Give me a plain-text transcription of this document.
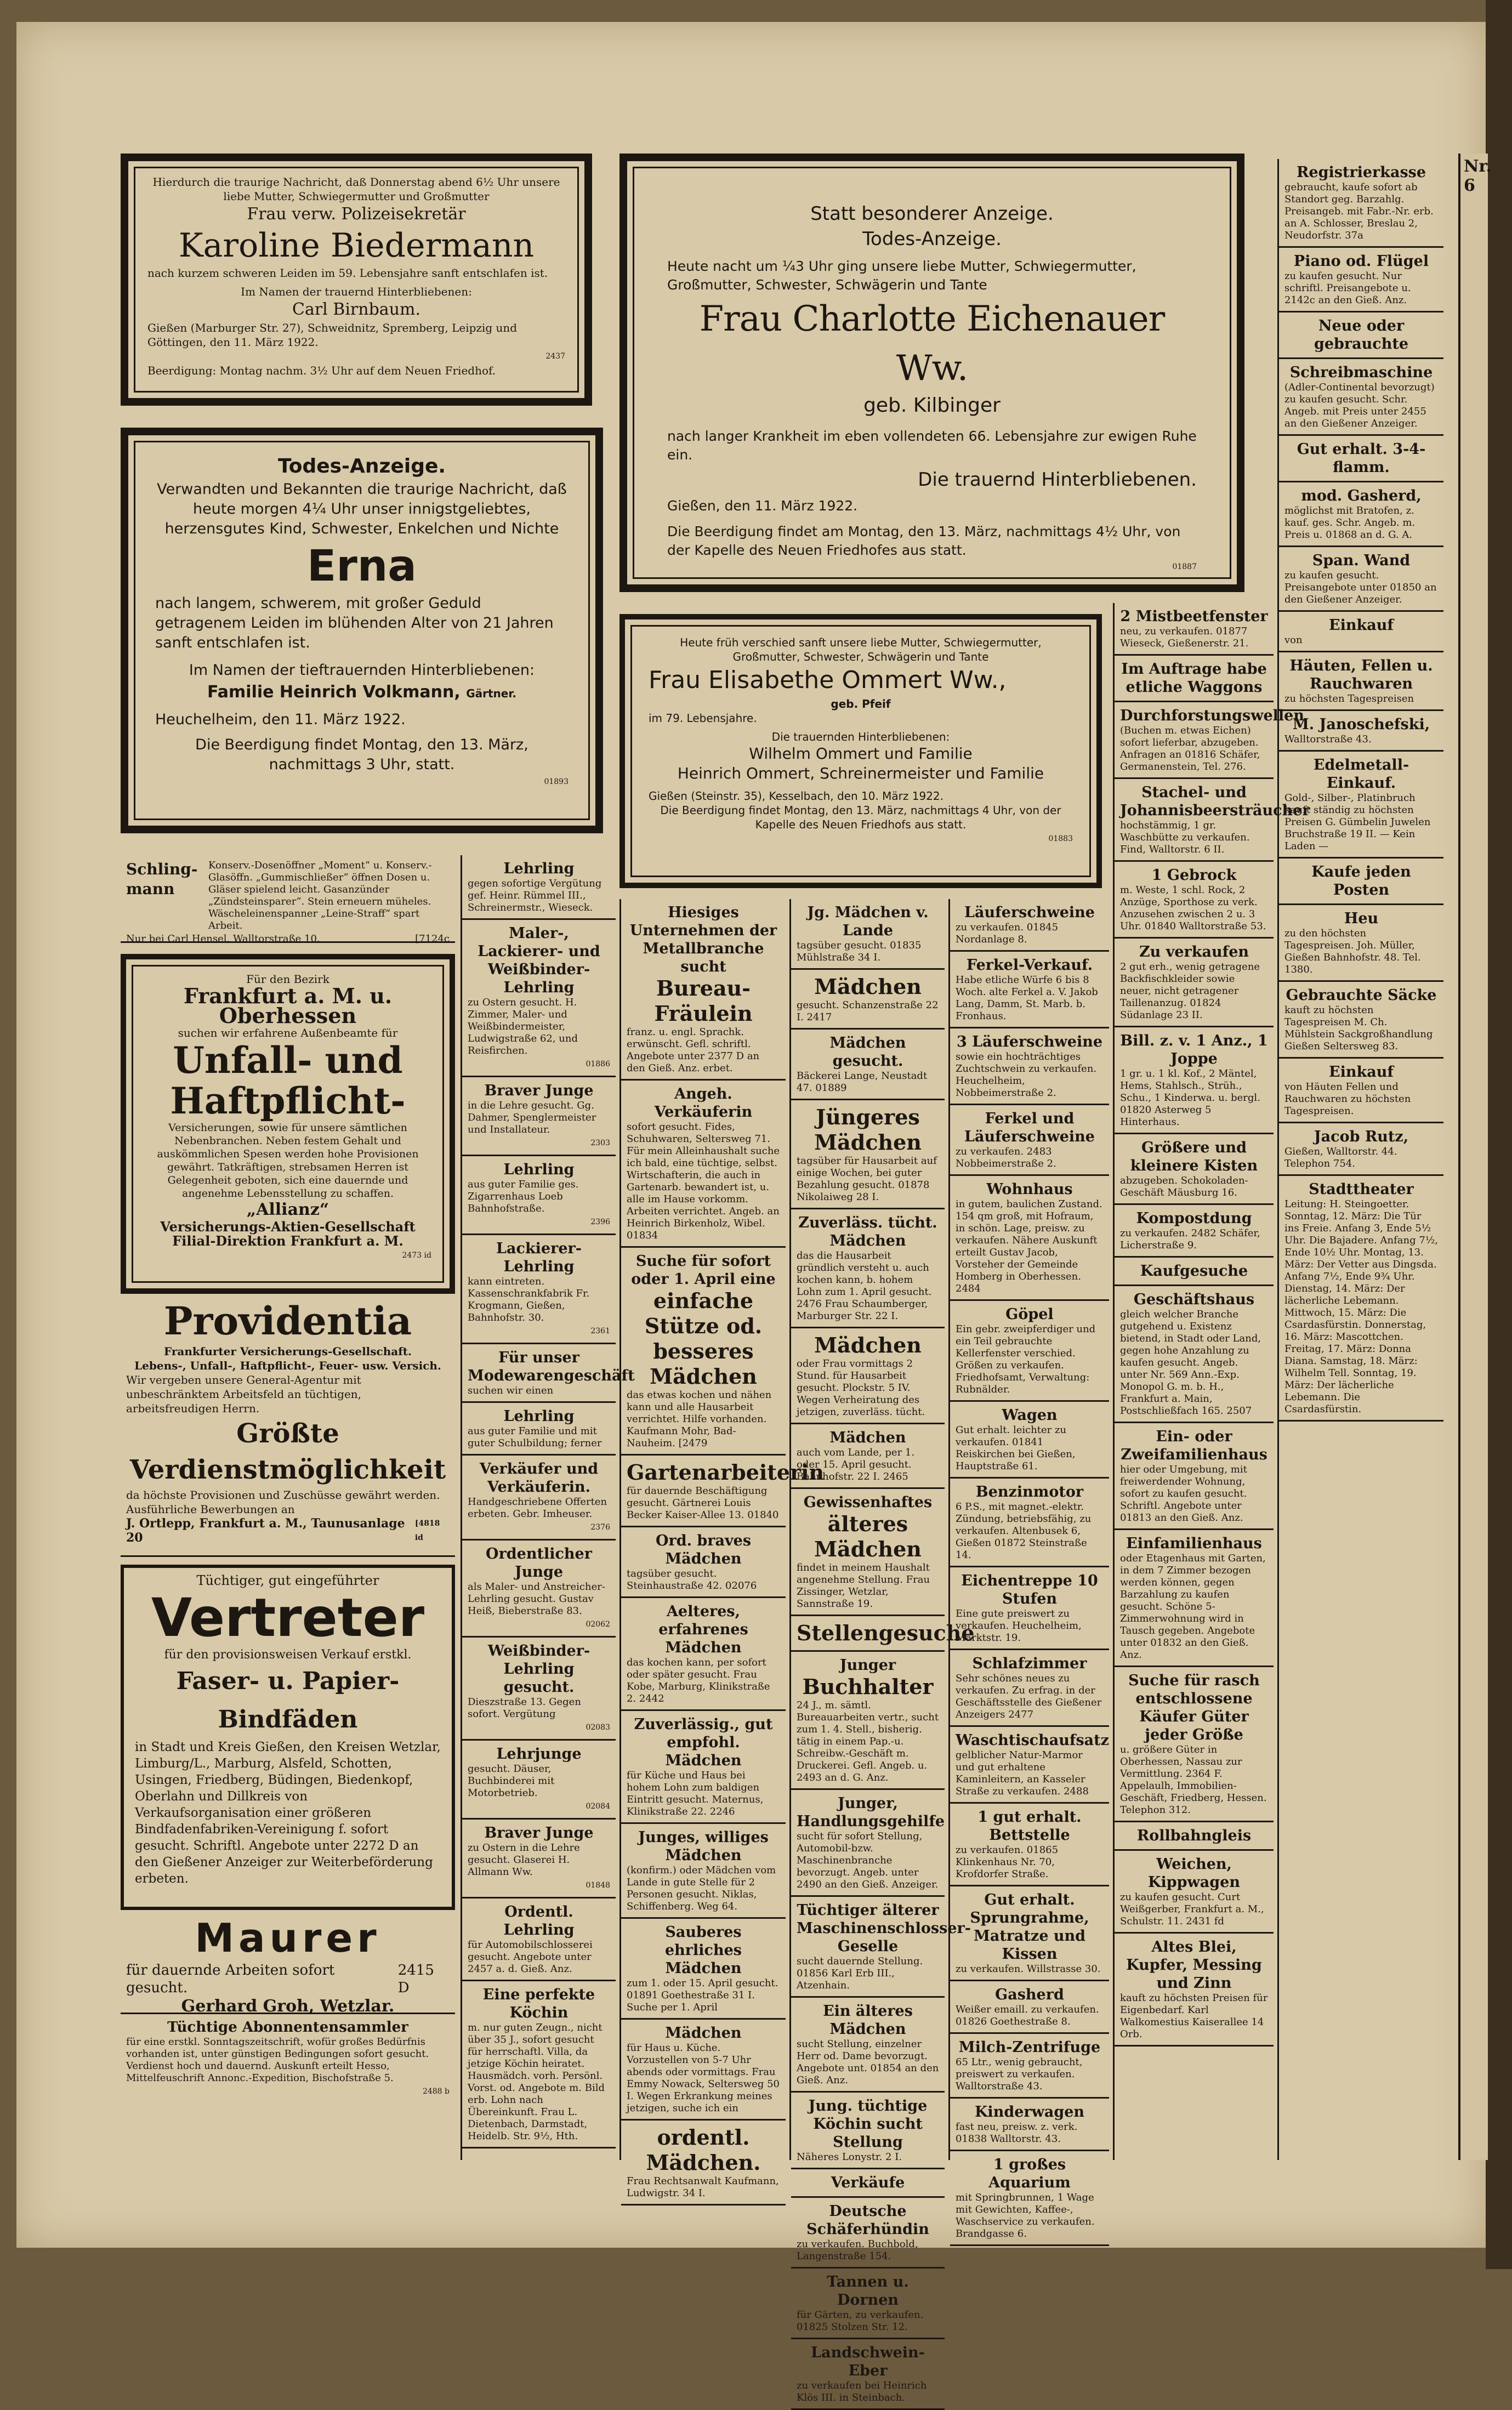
Hierdurch die traurige Nachricht, daß Donnerstag abend 6½ Uhr unsere liebe Mutter, Schwiegermutter und Großmutter
Frau verw. Polizeisekretär
Karoline Biedermann
nach kurzem schweren Leiden im 59. Lebensjahre sanft entschlafen ist.
Im Namen der trauernd Hinterbliebenen:
Carl Birnbaum.
Gießen (Marburger Str. 27), Schweidnitz, Spremberg, Leipzig und Göttingen, den 11. März 1922.
2437
Beerdigung: Montag nachm. 3½ Uhr auf dem Neuen Friedhof.
Todes-Anzeige.
Verwandten und Bekannten die traurige Nachricht, daß heute morgen 4¼ Uhr unser innigstgeliebtes, herzensgutes Kind, Schwester, Enkelchen und Nichte
Erna
nach langem, schwerem, mit großer Geduld getragenem Leiden im blühenden Alter von 21 Jahren sanft entschlafen ist.
Im Namen der tieftrauernden Hinterbliebenen:
Familie Heinrich Volkmann, Gärtner.
Heuchelheim, den 11. März 1922.
Die Beerdigung findet Montag, den 13. März, nachmittags 3 Uhr, statt.
01893
Statt besonderer Anzeige.
Todes-Anzeige.
Heute nacht um ¼3 Uhr ging unsere liebe Mutter, Schwiegermutter, Großmutter, Schwester, Schwägerin und Tante
Frau Charlotte Eichenauer Ww.
geb. Kilbinger
nach langer Krankheit im eben vollendeten 66. Lebensjahre zur ewigen Ruhe ein.
Die trauernd Hinterbliebenen.
Gießen, den 11. März 1922.
Die Beerdigung findet am Montag, den 13. März, nachmittags 4½ Uhr, von der Kapelle des Neuen Friedhofes aus statt.
01887
Heute früh verschied sanft unsere liebe Mutter, Schwiegermutter, Großmutter, Schwester, Schwägerin und Tante
Frau Elisabethe Ommert Ww.,
geb. Pfeif
im 79. Lebensjahre.
Die trauernden Hinterbliebenen:
Wilhelm Ommert und Familie
Heinrich Ommert, Schreinermeister und Familie
Gießen (Steinstr. 35), Kesselbach, den 10. März 1922.
Die Beerdigung findet Montag, den 13. März, nachmittags 4 Uhr, von der Kapelle des Neuen Friedhofs aus statt.
01883
Schling-mann
Konserv.-Dosenöffner „Moment“ u. Konserv.-Glasöffn. „Gummischließer“ öffnen Dosen u. Gläser spielend leicht. Gasanzünder „Zündsteinsparer“. Stein erneuern müheles. Wäscheleinenspanner „Leine-Straff“ spart Arbeit.
Nur bei Carl Hensel, Walltorstraße 10.	[7124c
Für den Bezirk
Frankfurt a. M. u. Oberhessen
suchen wir erfahrene Außenbeamte für
Unfall- und
Haftpflicht-
Versicherungen, sowie für unsere sämtlichen Nebenbranchen. Neben festem Gehalt und auskömmlichen Spesen werden hohe Provisionen gewährt. Tatkräftigen, strebsamen Herren ist Gelegenheit geboten, sich eine dauernde und angenehme Lebensstellung zu schaffen.
„Allianz“
Versicherungs-Aktien-Gesellschaft
Filial-Direktion Frankfurt a. M.
2473 id
Providentia
Frankfurter Versicherungs-Gesellschaft.
Lebens-, Unfall-, Haftpflicht-, Feuer- usw. Versich.
Wir vergeben unsere General-Agentur mit unbeschränktem Arbeitsfeld an tüchtigen, arbeitsfreudigen Herrn.
Größte Verdienstmöglichkeit
da höchste Provisionen und Zuschüsse gewährt werden. Ausführliche Bewerbungen an
J. Ortlepp, Frankfurt a. M., Taunusanlage 20
[4818 id
Tüchtiger, gut eingeführter
Vertreter
für den provisionsweisen Verkauf erstkl.
Faser- u. Papier-Bindfäden
in Stadt und Kreis Gießen, den Kreisen Wetzlar, Limburg/L., Marburg, Alsfeld, Schotten, Usingen, Friedberg, Büdingen, Biedenkopf, Oberlahn und Dillkreis von Verkaufsorganisation einer größeren Bindfadenfabriken-Vereinigung f. sofort gesucht. Schriftl. Angebote unter 2272 D an den Gießener Anzeiger zur Weiterbeförderung erbeten.
Maurer
für dauernde Arbeiten sofort gesucht.
2415 D
Gerhard Groh, Wetzlar.
Tüchtige Abonnentensammler
für eine erstkl. Sonntagszeitschrift, wofür großes Bedürfnis vorhanden ist, unter günstigen Bedingungen sofort gesucht. Verdienst hoch und dauernd. Auskunft erteilt Hesso, Mittelfeuschrift Annonc.-Expedition, Bischofstraße 5.
2488 b
Lehrling
gegen sofortige Vergütung gef. Heinr. Rümmel III., Schreinermstr., Wieseck.
Maler-, Lackierer- und Weißbinder-Lehrling
zu Ostern gesucht. H. Zimmer, Maler- und Weißbindermeister, Ludwigstraße 62, und Reisfirchen.
01886
Braver Junge
in die Lehre gesucht. Gg. Dahmer, Spenglermeister und Installateur.
2303
Lehrling
aus guter Familie ges. Zigarrenhaus Loeb Bahnhofstraße.
2396
Lackierer-Lehrling
kann eintreten. Kassenschrankfabrik Fr. Krogmann, Gießen, Bahnhofstr. 30.
2361
Für unser Modewarengeschäft
suchen wir einen
Lehrling
aus guter Familie und mit guter Schulbildung; ferner
Verkäufer und Verkäuferin.
Handgeschriebene Offerten erbeten. Gebr. Imheuser.
2376
Ordentlicher Junge
als Maler- und Anstreicher-Lehrling gesucht. Gustav Heiß, Bieberstraße 83.
02062
Weißbinder-Lehrling gesucht.
Dieszstraße 13. Gegen sofort. Vergütung
02083
Lehrjunge
gesucht. Däuser, Buchbinderei mit Motorbetrieb.
02084
Braver Junge
zu Ostern in die Lehre gesucht. Glaserei H. Allmann Ww.
01848
Ordentl. Lehrling
für Automobilschlosserei gesucht. Angebote unter 2457 a. d. Gieß. Anz.
Eine perfekte Köchin
m. nur guten Zeugn., nicht über 35 J., sofort gesucht für herrschaftl. Villa, da jetzige Köchin heiratet. Hausmädch. vorh. Persönl. Vorst. od. Angebote m. Bild erb. Lohn nach Übereinkunft. Frau L. Dietenbach, Darmstadt, Heidelb. Str. 9½, Hth.
Hiesiges Unternehmen der Metallbranche sucht
Bureau-Fräulein
franz. u. engl. Sprachk. erwünscht. Gefl. schriftl. Angebote unter 2377 D an den Gieß. Anz. erbet.
Angeh. Verkäuferin
sofort gesucht. Fides, Schuhwaren, Seltersweg 71. Für mein Alleinhaushalt suche ich bald, eine tüchtige, selbst. Wirtschafterin, die auch in Gartenarb. bewandert ist, u. alle im Hause vorkomm. Arbeiten verrichtet. Angeb. an Heinrich Birkenholz, Wibel. 01834
Suche für sofort oder 1. April eine
einfache Stütze od. besseres Mädchen
das etwas kochen und nähen kann und alle Hausarbeit verrichtet. Hilfe vorhanden. Kaufmann Mohr, Bad-Nauheim. [2479
Gartenarbeiterin
für dauernde Beschäftigung gesucht. Gärtnerei Louis Becker Kaiser-Allee 13. 01840
Ord. braves Mädchen
tagsüber gesucht. Steinhaustraße 42. 02076
Aelteres, erfahrenes Mädchen
das kochen kann, per sofort oder später gesucht. Frau Kobe, Marburg, Klinikstraße 2. 2442
Zuverlässig., gut empfohl. Mädchen
für Küche und Haus bei hohem Lohn zum baldigen Eintritt gesucht. Maternus, Klinikstraße 22. 2246
Junges, williges Mädchen
(konfirm.) oder Mädchen vom Lande in gute Stelle für 2 Personen gesucht. Niklas, Schiffenberg. Weg 64.
Sauberes ehrliches Mädchen
zum 1. oder 15. April gesucht. 01891 Goethestraße 31 I. Suche per 1. April
Mädchen
für Haus u. Küche. Vorzustellen von 5-7 Uhr abends oder vormittags. Frau Emmy Nowack, Seltersweg 50 I. Wegen Erkrankung meines jetzigen, suche ich ein
ordentl. Mädchen.
Frau Rechtsanwalt Kaufmann, Ludwigstr. 34 I.
Jg. Mädchen v. Lande
tagsüber gesucht. 01835 Mühlstraße 34 I.
Mädchen
gesucht. Schanzenstraße 22 I. 2417
Mädchen gesucht.
Bäckerei Lange, Neustadt 47. 01889
Jüngeres Mädchen
tagsüber für Hausarbeit auf einige Wochen, bei guter Bezahlung gesucht. 01878 Nikolaiweg 28 I.
Zuverläss. tücht. Mädchen
das die Hausarbeit gründlich versteht u. auch kochen kann, b. hohem Lohn zum 1. April gesucht. 2476 Frau Schaumberger, Marburger Str. 22 I.
Mädchen
oder Frau vormittags 2 Stund. für Hausarbeit gesucht. Plockstr. 5 IV. Wegen Verheiratung des jetzigen, zuverläss. tücht.
Mädchen
auch vom Lande, per 1. oder 15. April gesucht. Bahnhofstr. 22 I. 2465
Gewissenhaftes
älteres Mädchen
findet in meinem Haushalt angenehme Stellung. Frau Zissinger, Wetzlar, Sannstraße 19.
Stellengesuche
Junger
Buchhalter
24 J., m. sämtl. Bureauarbeiten vertr., sucht zum 1. 4. Stell., bisherig. tätig in einem Pap.-u. Schreibw.-Geschäft m. Druckerei. Gefl. Angeb. u. 2493 an d. G. Anz.
Junger, Handlungsgehilfe
sucht für sofort Stellung, Automobil-bzw. Maschinenbranche bevorzugt. Angeb. unter 2490 an den Gieß. Anzeiger.
Tüchtiger älterer Maschinenschlosser-Geselle
sucht dauernde Stellung. 01856 Karl Erb III., Atzenhain.
Ein älteres Mädchen
sucht Stellung, einzelner Herr od. Dame bevorzugt. Angebote unt. 01854 an den Gieß. Anz.
Jung. tüchtige Köchin sucht Stellung
Näheres Lonystr. 2 I.
Verkäufe
Deutsche Schäferhündin
zu verkaufen. Buchbold, Langenstraße 154.
Tannen u. Dornen
für Gärten, zu verkaufen. 01825 Stolzen Str. 12.
Landschwein-Eber
zu verkaufen bei Heinrich Klös III. in Steinbach.
Läuferschweine
zu verkaufen. 01845 Nordanlage 8.
Ferkel-Verkauf.
Habe etliche Würfe 6 bis 8 Woch. alte Ferkel a. V. Jakob Lang, Damm, St. Marb. b. Fronhaus.
3 Läuferschweine
sowie ein hochträchtiges Zuchtschwein zu verkaufen. Heuchelheim, Nobbeimerstraße 2.
Ferkel und Läuferschweine
zu verkaufen. 2483 Nobbeimerstraße 2.
Wohnhaus
in gutem, baulichen Zustand. 154 qm groß, mit Hofraum, in schön. Lage, preisw. zu verkaufen. Nähere Auskunft erteilt Gustav Jacob, Vorsteher der Gemeinde Homberg in Oberhessen. 2484
Göpel
Ein gebr. zweipferdiger und ein Teil gebrauchte Kellerfenster verschied. Größen zu verkaufen. Friedhofsamt, Verwaltung: Rubnälder.
Wagen
Gut erhalt. leichter zu verkaufen. 01841 Reiskirchen bei Gießen, Hauptstraße 61.
Benzinmotor
6 P.S., mit magnet.-elektr. Zündung, betriebsfähig, zu verkaufen. Altenbusek 6, Gießen 01872 Steinstraße 14.
Eichentreppe 10 Stufen
Eine gute preiswert zu verkaufen. Heuchelheim, Marktstr. 19.
Schlafzimmer
Sehr schönes neues zu verkaufen. Zu erfrag. in der Geschäftsstelle des Gießener Anzeigers 2477
Waschtischaufsatz
gelblicher Natur-Marmor und gut erhaltene Kaminleitern, an Kasseler Straße zu verkaufen. 2488
1 gut erhalt. Bettstelle
zu verkaufen. 01865 Klinkenhaus Nr. 70, Krofdorfer Straße.
Gut erhalt. Sprungrahme, Matratze und Kissen
zu verkaufen. Willstrasse 30.
Gasherd
Weißer emaill. zu verkaufen. 01826 Goethestraße 8.
Milch-Zentrifuge
65 Ltr., wenig gebraucht, preiswert zu verkaufen. Walltorstraße 43.
Kinderwagen
fast neu, preisw. z. verk. 01838 Walltorstr. 43.
1 großes Aquarium
mit Springbrunnen, 1 Wage mit Gewichten, Kaffee-, Waschservice zu verkaufen. Brandgasse 6.
2 Mistbeetfenster
neu, zu verkaufen. 01877 Wieseck, Gießenerstr. 21.
Im Auftrage habe etliche Waggons
Durchforstungswellen
(Buchen m. etwas Eichen) sofort lieferbar, abzugeben. Anfragen an 01816 Schäfer, Germanenstein, Tel. 276.
Stachel- und Johannisbeersträucher
hochstämmig, 1 gr. Waschbütte zu verkaufen. Find, Walltorstr. 6 II.
1 Gebrock
m. Weste, 1 schl. Rock, 2 Anzüge, Sporthose zu verk. Anzusehen zwischen 2 u. 3 Uhr. 01840 Walltorstraße 53.
Zu verkaufen
2 gut erh., wenig getragene Backfischkleider sowie neuer, nicht getragener Taillenanzug. 01824 Südanlage 23 II.
Bill. z. v. 1 Anz., 1 Joppe
1 gr. u. 1 kl. Kof., 2 Mäntel, Hems, Stahlsch., Strüh., Schu., 1 Kinderwa. u. bergl. 01820 Asterweg 5 Hinterhaus.
Größere und kleinere Kisten
abzugeben. Schokoladen-Geschäft Mäusburg 16.
Kompostdung
zu verkaufen. 2482 Schäfer, Licherstraße 9.
Kaufgesuche
Geschäftshaus
gleich welcher Branche gutgehend u. Existenz bietend, in Stadt oder Land, gegen hohe Anzahlung zu kaufen gesucht. Angeb. unter Nr. 569 Ann.-Exp. Monopol G. m. b. H., Frankfurt a. Main, Postschließfach 165. 2507
Ein- oder Zweifamilienhaus
hier oder Umgebung, mit freiwerdender Wohnung, sofort zu kaufen gesucht. Schriftl. Angebote unter 01813 an den Gieß. Anz.
Einfamilienhaus
oder Etagenhaus mit Garten, in dem 7 Zimmer bezogen werden können, gegen Barzahlung zu kaufen gesucht. Schöne 5-Zimmerwohnung wird in Tausch gegeben. Angebote unter 01832 an den Gieß. Anz.
Suche für rasch entschlossene Käufer Güter jeder Größe
u. größere Güter in Oberhessen, Nassau zur Vermittlung. 2364 F. Appelaulh, Immobilien-Geschäft, Friedberg, Hessen. Telephon 312.
Rollbahngleis
Weichen, Kippwagen
zu kaufen gesucht. Curt Weißgerber, Frankfurt a. M., Schulstr. 11. 2431 fd
Altes Blei, Kupfer, Messing und Zinn
kauft zu höchsten Preisen für Eigenbedarf. Karl Walkomestius Kaiserallee 14 Orb.
Registrierkasse
gebraucht, kaufe sofort ab Standort geg. Barzahlg. Preisangeb. mit Fabr.-Nr. erb. an A. Schlosser, Breslau 2, Neudorfstr. 37a
Piano od. Flügel
zu kaufen gesucht. Nur schriftl. Preisangebote u. 2142c an den Gieß. Anz.
Neue oder gebrauchte
Schreibmaschine
(Adler-Continental bevorzugt) zu kaufen gesucht. Schr. Angeb. mit Preis unter 2455 an den Gießener Anzeiger.
Gut erhalt. 3-4-flamm.
mod. Gasherd,
möglichst mit Bratofen, z. kauf. ges. Schr. Angeb. m. Preis u. 01868 an d. G. A.
Span. Wand
zu kaufen gesucht. Preisangebote unter 01850 an den Gießener Anzeiger.
Einkauf
von
Häuten, Fellen u. Rauchwaren
zu höchsten Tagespreisen
M. Janoschefski,
Walltorstraße 43.
Edelmetall-Einkauf.
Gold-, Silber-, Platinbruch kauft ständig zu höchsten Preisen G. Gümbelin Juwelen Bruchstraße 19 II. — Kein Laden —
Kaufe jeden Posten
Heu
zu den höchsten Tagespreisen. Joh. Müller, Gießen Bahnhofstr. 48. Tel. 1380.
Gebrauchte Säcke
kauft zu höchsten Tagespreisen M. Ch. Mühlstein Sackgroßhandlung Gießen Seltersweg 83.
Einkauf
von Häuten Fellen und Rauchwaren zu höchsten Tagespreisen.
Jacob Rutz,
Gießen, Walltorstr. 44. Telephon 754.
Stadttheater
Leitung: H. Steingoetter. Sonntag, 12. März: Die Tür ins Freie. Anfang 3, Ende 5½ Uhr. Die Bajadere. Anfang 7½, Ende 10½ Uhr. Montag, 13. März: Der Vetter aus Dingsda. Anfang 7½, Ende 9¾ Uhr. Dienstag, 14. März: Der lächerliche Lebemann. Mittwoch, 15. März: Die Csardasfürstin. Donnerstag, 16. März: Mascottchen. Freitag, 17. März: Donna Diana. Samstag, 18. März: Wilhelm Tell. Sonntag, 19. März: Der lächerliche Lebemann. Die Csardasfürstin.
Nr. 6
